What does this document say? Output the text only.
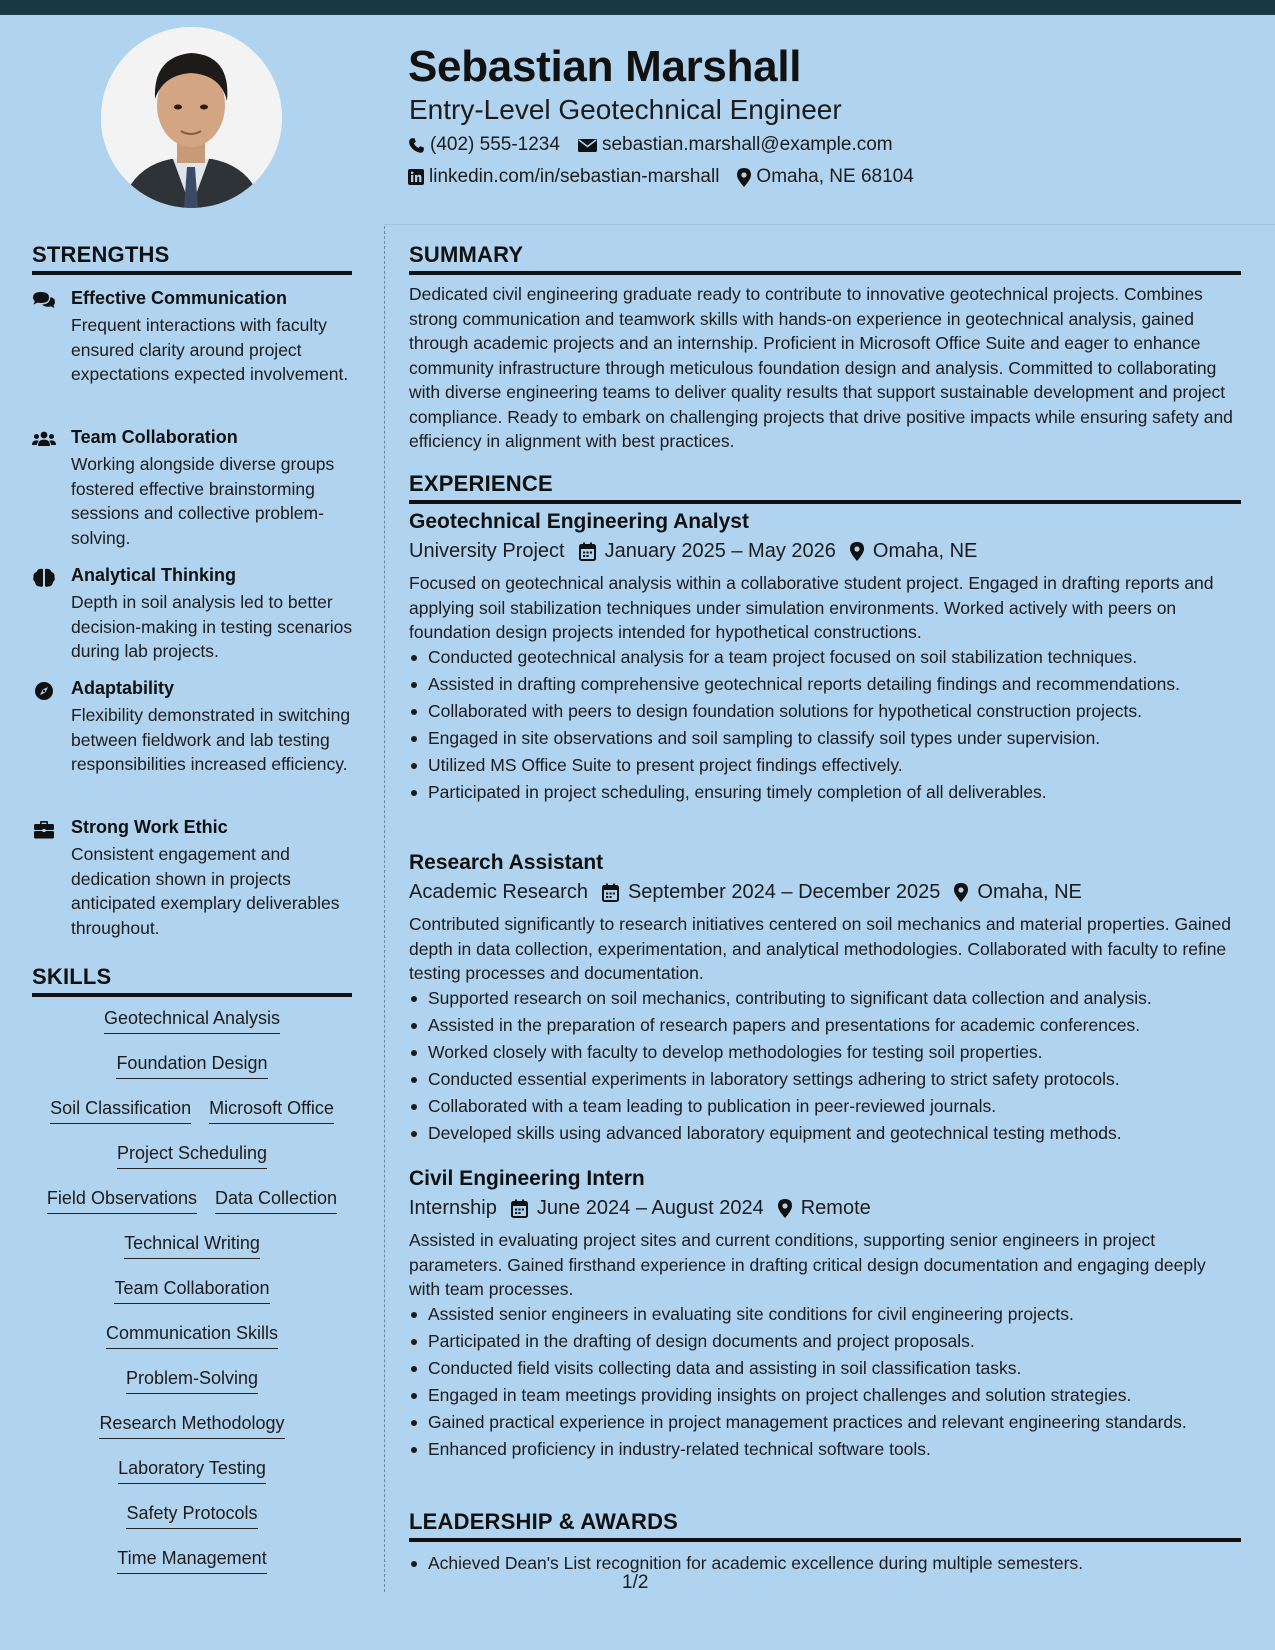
Sebastian Marshall
Entry-Level Geotechnical Engineer
(402) 555-1234 sebastian.marshall@example.com
linkedin.com/in/sebastian-marshall Omaha, NE 68104
STRENGTHS
Effective Communication
Frequent interactions with faculty ensured clarity around project expectations expected involvement.
Team Collaboration
Working alongside diverse groups fostered effective brainstorming sessions and collective problem-solving.
Analytical Thinking
Depth in soil analysis led to better decision-making in testing scenarios during lab projects.
Adaptability
Flexibility demonstrated in switching between fieldwork and lab testing responsibilities increased efficiency.
Strong Work Ethic
Consistent engagement and dedication shown in projects anticipated exemplary deliverables throughout.
SKILLS
Geotechnical Analysis
Foundation Design
Soil Classification Microsoft Office
Project Scheduling
Field Observations Data Collection
Technical Writing
Team Collaboration
Communication Skills
Problem-Solving
Research Methodology
Laboratory Testing
Safety Protocols
Time Management
SUMMARY
Dedicated civil engineering graduate ready to contribute to innovative geotechnical projects. Combines strong communication and teamwork skills with hands-on experience in geotechnical analysis, gained through academic projects and an internship. Proficient in Microsoft Office Suite and eager to enhance community infrastructure through meticulous foundation design and analysis. Committed to collaborating with diverse engineering teams to deliver quality results that support sustainable development and project compliance. Ready to embark on challenging projects that drive positive impacts while ensuring safety and efficiency in alignment with best practices.
EXPERIENCE
Geotechnical Engineering Analyst
University Project January 2025 – May 2026 Omaha, NE
Focused on geotechnical analysis within a collaborative student project. Engaged in drafting reports and applying soil stabilization techniques under simulation environments. Worked actively with peers on foundation design projects intended for hypothetical constructions.
Conducted geotechnical analysis for a team project focused on soil stabilization techniques.
Assisted in drafting comprehensive geotechnical reports detailing findings and recommendations.
Collaborated with peers to design foundation solutions for hypothetical construction projects.
Engaged in site observations and soil sampling to classify soil types under supervision.
Utilized MS Office Suite to present project findings effectively.
Participated in project scheduling, ensuring timely completion of all deliverables.
Research Assistant
Academic Research September 2024 – December 2025 Omaha, NE
Contributed significantly to research initiatives centered on soil mechanics and material properties. Gained depth in data collection, experimentation, and analytical methodologies. Collaborated with faculty to refine testing processes and documentation.
Supported research on soil mechanics, contributing to significant data collection and analysis.
Assisted in the preparation of research papers and presentations for academic conferences.
Worked closely with faculty to develop methodologies for testing soil properties.
Conducted essential experiments in laboratory settings adhering to strict safety protocols.
Collaborated with a team leading to publication in peer-reviewed journals.
Developed skills using advanced laboratory equipment and geotechnical testing methods.
Civil Engineering Intern
Internship June 2024 – August 2024 Remote
Assisted in evaluating project sites and current conditions, supporting senior engineers in project parameters. Gained firsthand experience in drafting critical design documentation and engaging deeply with team processes.
Assisted senior engineers in evaluating site conditions for civil engineering projects.
Participated in the drafting of design documents and project proposals.
Conducted field visits collecting data and assisting in soil classification tasks.
Engaged in team meetings providing insights on project challenges and solution strategies.
Gained practical experience in project management practices and relevant engineering standards.
Enhanced proficiency in industry-related technical software tools.
LEADERSHIP & AWARDS
Achieved Dean's List recognition for academic excellence during multiple semesters.
1/2
